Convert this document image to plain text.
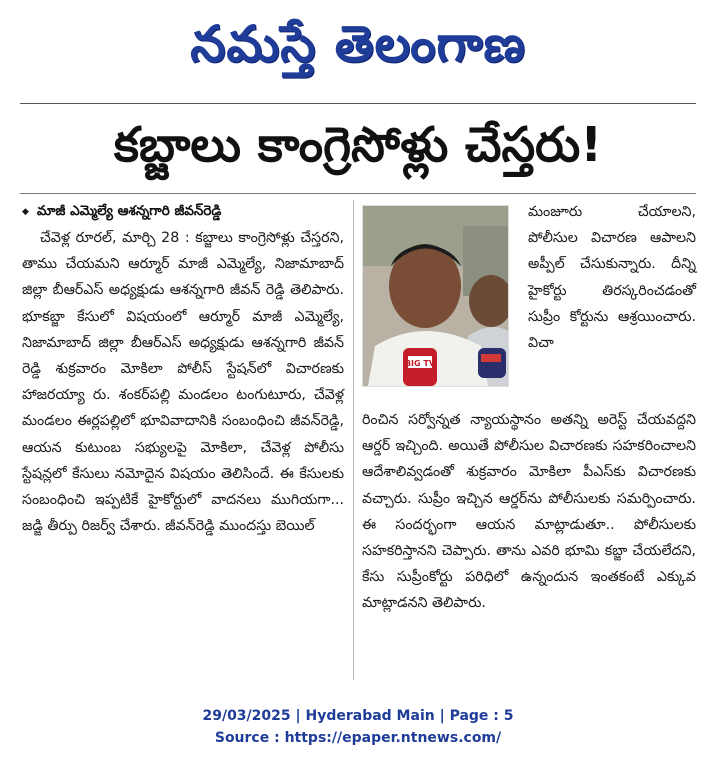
నమస్తే తెలంగాణ
కబ్జాలు కాంగ్రెసోళ్లు చేస్తరు!
◆ మాజీ ఎమ్మెల్యే ఆశన్నగారి జీవన్‌రెడ్డి

చేవెళ్ల రూరల్, మార్చి 28 : కబ్జాలు కాంగ్రెసోళ్లు చేస్తరని, తాము చేయమని ఆర్మూర్ మాజీ ఎమ్మెల్యే, నిజామాబాద్ జిల్లా బీఆర్‌ఎస్ అధ్యక్షుడు ఆశన్నగారి జీవన్ రెడ్డి తెలిపారు. భూకబ్జా కేసులో విషయంలో ఆర్మూర్ మాజీ ఎమ్మెల్యే, నిజామాబాద్ జిల్లా బీఆర్‌ఎస్ అధ్యక్షుడు ఆశన్నగారి జీవన్ రెడ్డి శుక్రవారం మోకిలా పోలీస్ స్టేషన్‌లో విచారణకు హాజరయ్యా రు. శంకర్‌పల్లి మండలం టంగుటూరు, చేవెళ్ల మండలం ఈర్లపల్లిలో భూవివాదానికి సంబంధించి జీవన్‌రెడ్డి, ఆయన కుటుంబ సభ్యులపై మోకిలా, చేవెళ్ల పోలీసు స్టేషన్లలో కేసులు నమోదైన విషయం తెలిసిందే. ఈ కేసులకు సంబంధించి ఇప్పటికే హైకోర్టులో వాదనలు ముగియగా... జడ్జి తీర్పు రిజర్వ్ చేశారు. జీవన్‌రెడ్డి ముందస్తు బెయిల్

BIG TV

మంజూరు చేయాలని, పోలీసుల విచారణ ఆపాలని అప్పీల్ చేసుకున్నారు. దీన్ని హైకోర్టు తిరస్కరించడంతో సుప్రీం కోర్టును ఆశ్రయించారు. విచా

రించిన సర్వోన్నత న్యాయస్థానం అతన్ని అరెస్ట్ చేయవద్దని ఆర్డర్ ఇచ్చింది. అయితే పోలీసుల విచారణకు సహకరించాలని ఆదేశాలివ్వడంతో శుక్రవారం మోకిలా పీఎస్‌కు విచారణకు వచ్చారు. సుప్రీం ఇచ్చిన ఆర్డర్‌ను పోలీసులకు సమర్పించారు. ఈ సందర్భంగా ఆయన మాట్లాడుతూ.. పోలీసులకు సహకరిస్తానని చెప్పారు. తాను ఎవరి భూమి కబ్జా చేయలేదని, కేసు సుప్రీంకోర్టు పరిధిలో ఉన్నందున ఇంతకంటే ఎక్కువ మాట్లాడనని తెలిపారు.

29/03/2025 | Hyderabad Main | Page : 5
Source : https://epaper.ntnews.com/
